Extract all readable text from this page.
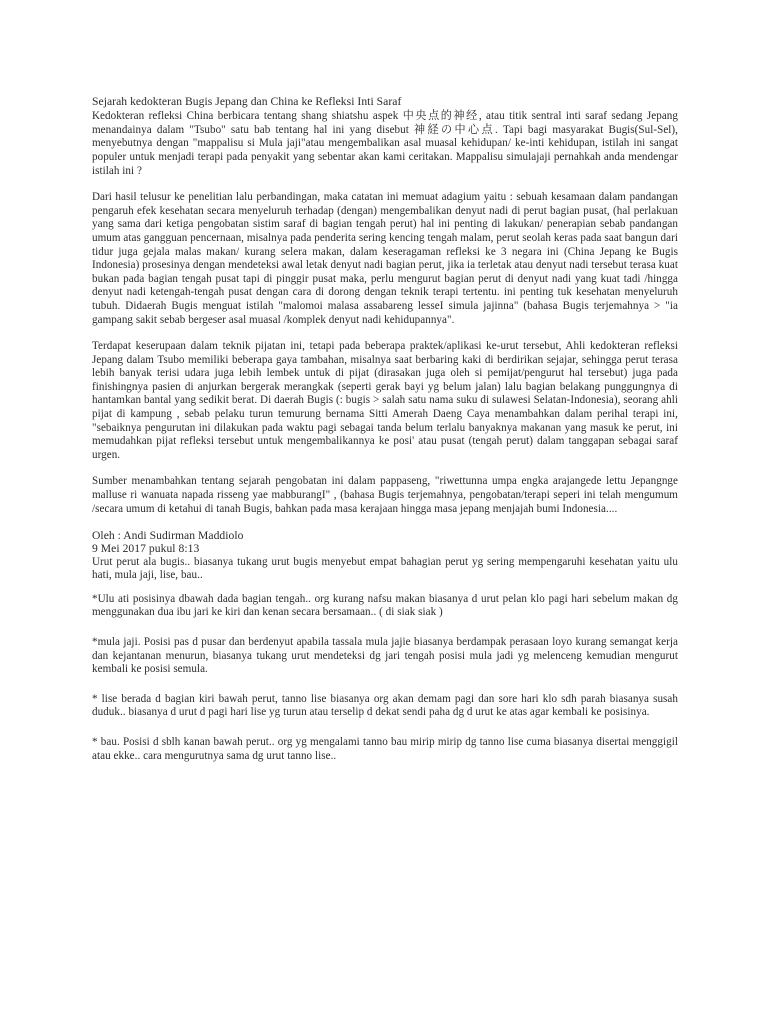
Sejarah kedokteran Bugis Jepang dan China ke Refleksi Inti Saraf

Kedokteran refleksi China berbicara tentang shang shiatshu aspek 中央点的神经, atau titik sentral inti saraf sedang Jepang menandainya dalam "Tsubo" satu bab tentang hal ini yang disebut 神経の中心点. Tapi bagi masyarakat Bugis(Sul-Sel), menyebutnya dengan "mappalisu si Mula jaji"atau mengembalikan asal muasal kehidupan/ ke-inti kehidupan, istilah ini sangat populer untuk menjadi terapi pada penyakit yang sebentar akan kami ceritakan. Mappalisu simulajaji pernahkah anda mendengar istilah ini ?

Dari hasil telusur ke penelitian lalu perbandingan, maka catatan ini memuat adagium yaitu : sebuah kesamaan dalam pandangan pengaruh efek kesehatan secara menyeluruh terhadap (dengan) mengembalikan denyut nadi di perut bagian pusat, (hal perlakuan yang sama dari ketiga pengobatan sistim saraf di bagian tengah perut) hal ini penting di lakukan/ penerapian sebab pandangan umum atas gangguan pencernaan, misalnya pada penderita sering kencing tengah malam, perut seolah keras pada saat bangun dari tidur juga gejala malas makan/ kurang selera makan, dalam keseragaman refleksi ke 3 negara ini (China Jepang ke Bugis Indonesia) prosesinya dengan mendeteksi awal letak denyut nadi bagian perut, jika ia terletak atau denyut nadi tersebut terasa kuat bukan pada bagian tengah pusat tapi di pinggir pusat maka, perlu mengurut bagian perut di denyut nadi yang kuat tadi /hingga denyut nadi ketengah-tengah pusat dengan cara di dorong dengan teknik terapi tertentu. ini penting tuk kesehatan menyeluruh tubuh. Didaerah Bugis menguat istilah "malomoi malasa assabareng lesseI simula jajinna" (bahasa Bugis terjemahnya > "ia gampang sakit sebab bergeser asal muasal /komplek denyut nadi kehidupannya".

Terdapat keserupaan dalam teknik pijatan ini, tetapi pada beberapa praktek/aplikasi ke-urut tersebut, Ahli kedokteran refleksi Jepang dalam Tsubo memiliki beberapa gaya tambahan, misalnya saat berbaring kaki di berdirikan sejajar, sehingga perut terasa lebih banyak terisi udara juga lebih lembek untuk di pijat (dirasakan juga oleh si pemijat/pengurut hal tersebut) juga pada finishingnya pasien di anjurkan bergerak merangkak (seperti gerak bayi yg belum jalan) lalu bagian belakang punggungnya di hantamkan bantal yang sedikit berat. Di daerah Bugis (: bugis > salah satu nama suku di sulawesi Selatan-Indonesia), seorang ahli pijat di kampung , sebab pelaku turun temurung bernama Sitti Amerah Daeng Caya menambahkan dalam perihal terapi ini, "sebaiknya pengurutan ini dilakukan pada waktu pagi sebagai tanda belum terlalu banyaknya makanan yang masuk ke perut, ini memudahkan pijat refleksi tersebut untuk mengembalikannya ke posi' atau pusat (tengah perut) dalam tanggapan sebagai saraf urgen.

Sumber menambahkan tentang sejarah pengobatan ini dalam pappaseng, "riwettunna umpa engka arajangede lettu Jepangnge malluse ri wanuata napada risseng yae mabburangI" , (bahasa Bugis terjemahnya, pengobatan/terapi seperi ini telah mengumum /secara umum di ketahui di tanah Bugis, bahkan pada masa kerajaan hingga masa jepang menjajah bumi Indonesia....

Oleh : Andi Sudirman Maddiolo

9 Mei 2017 pukul 8:13

Urut perut ala bugis.. biasanya tukang urut bugis menyebut empat bahagian perut yg sering mempengaruhi kesehatan yaitu ulu hati, mula jaji, lise, bau..

*Ulu ati posisinya dbawah dada bagian tengah.. org kurang nafsu makan biasanya d urut pelan klo pagi hari sebelum makan dg menggunakan dua ibu jari ke kiri dan kenan secara bersamaan.. ( di siak siak )

*mula jaji. Posisi pas d pusar dan berdenyut apabila tassala mula jajie biasanya berdampak perasaan loyo kurang semangat kerja dan kejantanan menurun, biasanya tukang urut mendeteksi dg jari tengah posisi mula jadi yg melenceng kemudian mengurut kembali ke posisi semula.

* lise berada d bagian kiri bawah perut, tanno lise biasanya org akan demam pagi dan sore hari klo sdh parah biasanya susah duduk.. biasanya d urut d pagi hari lise yg turun atau terselip d dekat sendi paha dg d urut ke atas agar kembali ke posisinya.

* bau. Posisi d sblh kanan bawah perut.. org yg mengalami tanno bau mirip mirip dg tanno lise cuma biasanya disertai menggigil atau ekke.. cara mengurutnya sama dg urut tanno lise..
